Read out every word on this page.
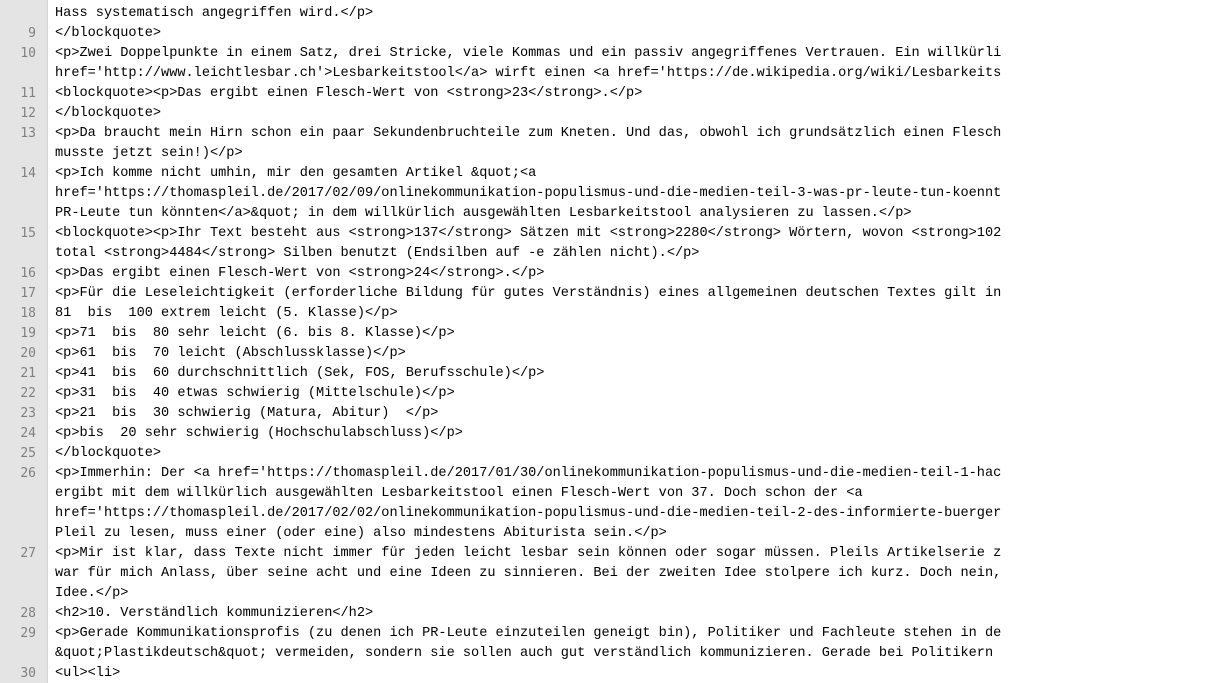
Hass systematisch angegriffen wird.</p>
9 </blockquote>
10 <p>Zwei Doppelpunkte in einem Satz, drei Stricke, viele Kommas und ein passiv angegriffenes Vertrauen. Ein willkürli
href='http://www.leichtlesbar.ch'>Lesbarkeitstool</a> wirft einen <a href='https://de.wikipedia.org/wiki/Lesbarkeits
11 <blockquote><p>Das ergibt einen Flesch-Wert von <strong>23</strong>.</p>
12 </blockquote>
13 <p>Da braucht mein Hirn schon ein paar Sekundenbruchteile zum Kneten. Und das, obwohl ich grundsätzlich einen Flesch
musste jetzt sein!)</p>
14 <p>Ich komme nicht umhin, mir den gesamten Artikel &quot;<a
href='https://thomaspleil.de/2017/02/09/onlinekommunikation-populismus-und-die-medien-teil-3-was-pr-leute-tun-koennt
PR-Leute tun könnten</a>&quot; in dem willkürlich ausgewählten Lesbarkeitstool analysieren zu lassen.</p>
15 <blockquote><p>Ihr Text besteht aus <strong>137</strong> Sätzen mit <strong>2280</strong> Wörtern, wovon <strong>102
total <strong>4484</strong> Silben benutzt (Endsilben auf -e zählen nicht).</p>
16 <p>Das ergibt einen Flesch-Wert von <strong>24</strong>.</p>
17 <p>Für die Leseleichtigkeit (erforderliche Bildung für gutes Verständnis) eines allgemeinen deutschen Textes gilt in
18 81  bis  100 extrem leicht (5. Klasse)</p>
19 <p>71  bis  80 sehr leicht (6. bis 8. Klasse)</p>
20 <p>61  bis  70 leicht (Abschlussklasse)</p>
21 <p>41  bis  60 durchschnittlich (Sek, FOS, Berufsschule)</p>
22 <p>31  bis  40 etwas schwierig (Mittelschule)</p>
23 <p>21  bis  30 schwierig (Matura, Abitur)  </p>
24 <p>bis  20 sehr schwierig (Hochschulabschluss)</p>
25 </blockquote>
26 <p>Immerhin: Der <a href='https://thomaspleil.de/2017/01/30/onlinekommunikation-populismus-und-die-medien-teil-1-hac
ergibt mit dem willkürlich ausgewählten Lesbarkeitstool einen Flesch-Wert von 37. Doch schon der <a
href='https://thomaspleil.de/2017/02/02/onlinekommunikation-populismus-und-die-medien-teil-2-des-informierte-buerger
Pleil zu lesen, muss einer (oder eine) also mindestens Abiturista sein.</p>
27 <p>Mir ist klar, dass Texte nicht immer für jeden leicht lesbar sein können oder sogar müssen. Pleils Artikelserie z
war für mich Anlass, über seine acht und eine Ideen zu sinnieren. Bei der zweiten Idee stolpere ich kurz. Doch nein,
Idee.</p>
28 <h2>10. Verständlich kommunizieren</h2>
29 <p>Gerade Kommunikationsprofis (zu denen ich PR-Leute einzuteilen geneigt bin), Politiker und Fachleute stehen in de
&quot;Plastikdeutsch&quot; vermeiden, sondern sie sollen auch gut verständlich kommunizieren. Gerade bei Politikern
30 <ul><li>
